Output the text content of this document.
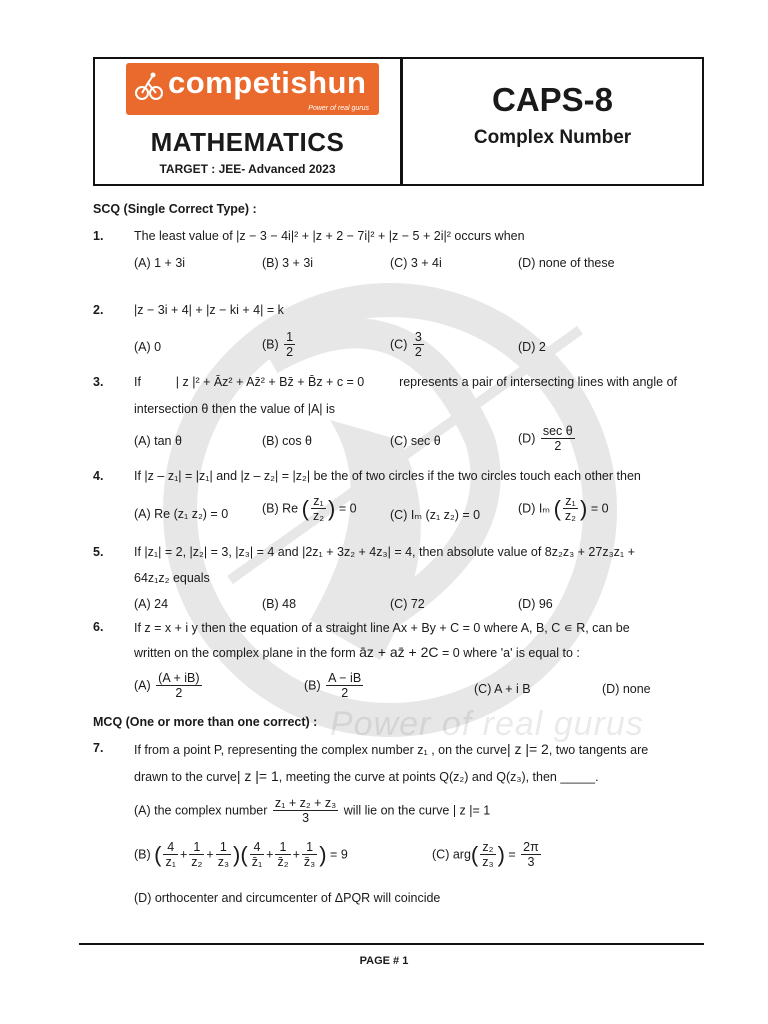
Power of real gurus
competishun
Power of real gurus
MATHEMATICS
TARGET : JEE- Advanced 2023
CAPS-8
Complex Number
SCQ (Single Correct Type) :
1. The least value of |z − 3 − 4i|² + |z + 2 − 7i|² + |z − 5 + 2i|² occurs when
(A) 1 + 3i	(B) 3 + 3i	(C) 3 + 4i	(D) none of these
2. |z − 3i + 4| + |z − ki + 4| = k
(A) 0	$(B) \frac{1}{2}$	$(C) \frac{3}{2}$	(D) 2
3. If	| z |² + Āz² + Az̄² + Bz̄ + B̄z + c = 0	represents a pair of intersecting lines with angle of
intersection θ then the value of |A| is
(A) tan θ	(B) cos θ	(C) sec θ	$(D) \frac{\text{sec θ}}{2}$
4. If |z – z₁| = |z₁| and |z – z₂| = |z₂| be the of two circles if the two circles touch each other then
(A) Re (z₁ z₂) = 0	(B) Re ( $\frac{\text{z₁}}{\text{z₂}}$ ) = 0	(C) Iₘ (z₁ z₂) = 0	(D) Iₘ ( $\frac{\text{z₁}}{\text{z₂}}$ ) = 0
5. If |z₁| = 2, |z₂| = 3, |z₃| = 4 and |2z₁ + 3z₂ + 4z₃| = 4, then absolute value of 8z₂z₃ + 27z₃z₁ +
64z₁z₂ equals
(A) 24	(B) 48	(C) 72	(D) 96
6. If z = x + i y then the equation of a straight line Ax + By + C = 0 where A, B, C ∊ R, can be
written on the complex plane in the form āz + az̄ + 2C = 0 where 'a' is equal to :
$(A) \frac{(A + iB)}{2}$	$(B) \frac{A - iB}{2}$	(C) A + i B	(D) none
MCQ (One or more than one correct) :
7. If from a point P, representing the complex number z₁ , on the curve| z |= 2, two tangents are
drawn to the curve| z |= 1, meeting the curve at points Q(z₂) and Q(z₃), then _____.
(A) the complex number $\frac{\text{z₁ + z₂ + z₃}}{3}$ will lie on the curve | z |= 1
(B) ( $\frac{4}{\text{z₁}} + \frac{1}{\text{z₂}} + \frac{1}{\text{z₃}}$ )( $\frac{4}{\text{z̄₁}} + \frac{1}{\text{z̄₂}} + \frac{1}{\text{z̄₃}}$ ) = 9	(C) $arg( \frac{\text{z₂}}{\text{z₃}}$ ) = $\frac{2\pi}{3}$
(D) orthocenter and circumcenter of ΔPQR will coincide
PAGE # 1
